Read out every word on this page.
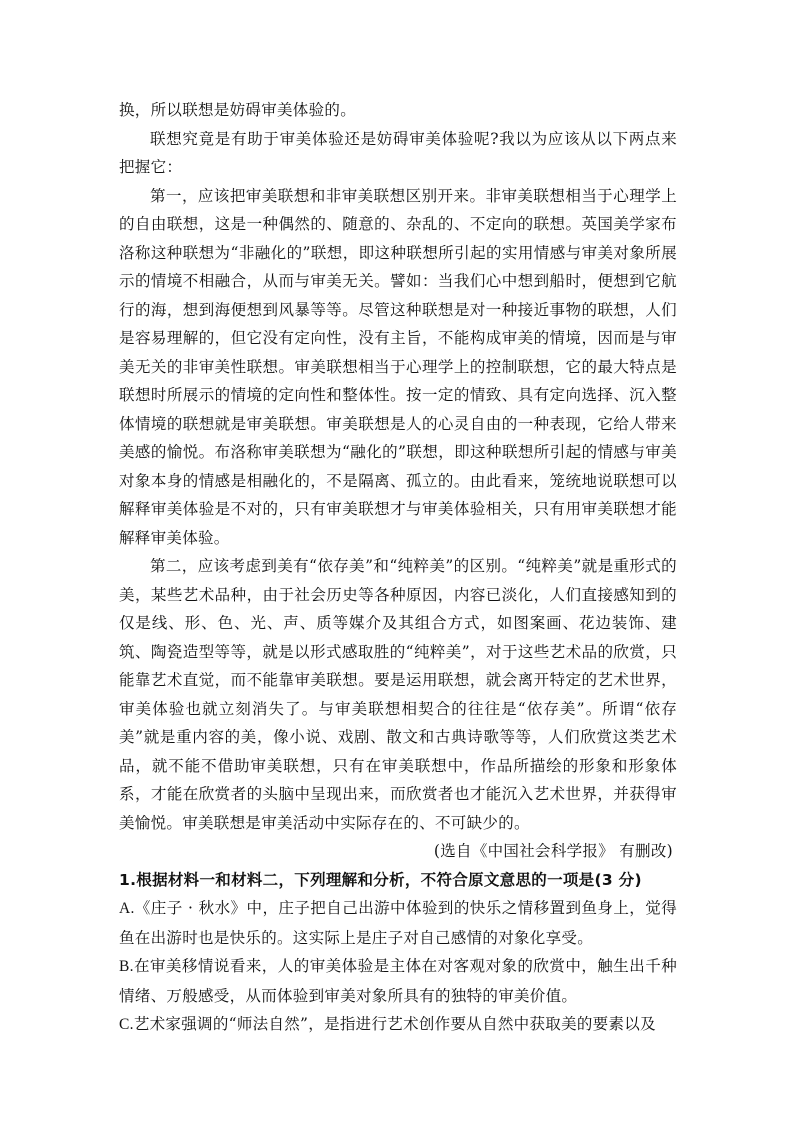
换，所以联想是妨碍审美体验的。

联想究竟是有助于审美体验还是妨碍审美体验呢?我以为应该从以下两点来把握它：

第一，应该把审美联想和非审美联想区别开来。非审美联想相当于心理学上的自由联想，这是一种偶然的、随意的、杂乱的、不定向的联想。英国美学家布洛称这种联想为“非融化的”联想，即这种联想所引起的实用情感与审美对象所展示的情境不相融合，从而与审美无关。譬如：当我们心中想到船时，便想到它航行的海，想到海便想到风暴等等。尽管这种联想是对一种接近事物的联想，人们是容易理解的，但它没有定向性，没有主旨，不能构成审美的情境，因而是与审美无关的非审美性联想。审美联想相当于心理学上的控制联想，它的最大特点是联想时所展示的情境的定向性和整体性。按一定的情致、具有定向选择、沉入整体情境的联想就是审美联想。审美联想是人的心灵自由的一种表现，它给人带来美感的愉悦。布洛称审美联想为“融化的”联想，即这种联想所引起的情感与审美对象本身的情感是相融化的，不是隔离、孤立的。由此看来，笼统地说联想可以解释审美体验是不对的，只有审美联想才与审美体验相关，只有用审美联想才能解释审美体验。

第二，应该考虑到美有“依存美”和“纯粹美”的区别。“纯粹美”就是重形式的美，某些艺术品种，由于社会历史等各种原因，内容已淡化，人们直接感知到的仅是线、形、色、光、声、质等媒介及其组合方式，如图案画、花边装饰、建筑、陶瓷造型等等，就是以形式感取胜的“纯粹美”，对于这些艺术品的欣赏，只能靠艺术直觉，而不能靠审美联想。要是运用联想，就会离开特定的艺术世界，审美体验也就立刻消失了。与审美联想相契合的往往是“依存美”。所谓“依存美”就是重内容的美，像小说、戏剧、散文和古典诗歌等等，人们欣赏这类艺术品，就不能不借助审美联想，只有在审美联想中，作品所描绘的形象和形象体系，才能在欣赏者的头脑中呈现出来，而欣赏者也才能沉入艺术世界，并获得审美愉悦。审美联想是审美活动中实际存在的、不可缺少的。

(选自《中国社会科学报》 有删改)

1.根据材料一和材料二，下列理解和分析，不符合原文意思的一项是(3 分)

A.《庄子 · 秋水》中，庄子把自己出游中体验到的快乐之情移置到鱼身上，觉得鱼在出游时也是快乐的。这实际上是庄子对自己感情的对象化享受。

B.在审美移情说看来，人的审美体验是主体在对客观对象的欣赏中，触生出千种情绪、万般感受，从而体验到审美对象所具有的独特的审美价值。

C.艺术家强调的“师法自然”，是指进行艺术创作要从自然中获取美的要素以及
